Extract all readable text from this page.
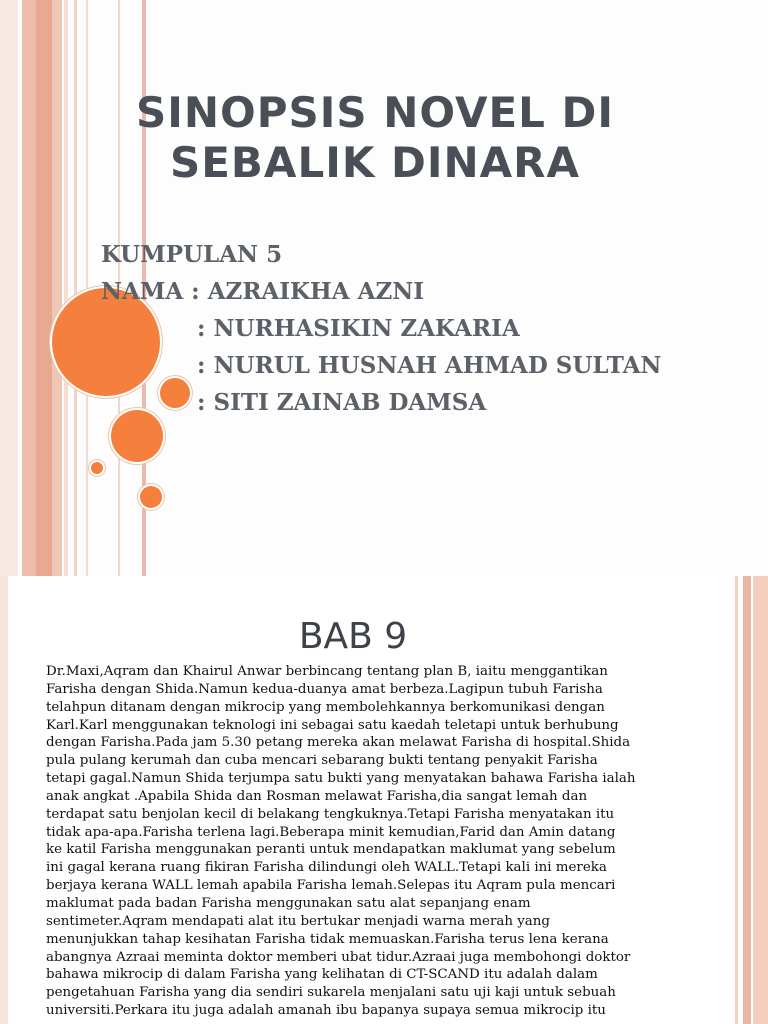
SINOPSIS NOVEL DI
SEBALIK DINARA
KUMPULAN 5
NAMA : AZRAIKHA AZNI
: NURHASIKIN ZAKARIA
: NURUL HUSNAH AHMAD SULTAN
: SITI ZAINAB DAMSA
BAB 9
Dr.Maxi,Aqram dan Khairul Anwar berbincang tentang plan B, iaitu menggantikan
Farisha dengan Shida.Namun kedua-duanya amat berbeza.Lagipun tubuh Farisha
telahpun ditanam dengan mikrocip yang membolehkannya berkomunikasi dengan
Karl.Karl menggunakan teknologi ini sebagai satu kaedah teletapi untuk berhubung
dengan Farisha.Pada jam 5.30 petang mereka akan melawat Farisha di hospital.Shida
pula pulang kerumah dan cuba mencari sebarang bukti tentang penyakit Farisha
tetapi gagal.Namun Shida terjumpa satu bukti yang menyatakan bahawa Farisha ialah
anak angkat .Apabila Shida dan Rosman melawat Farisha,dia sangat lemah dan
terdapat satu benjolan kecil di belakang tengkuknya.Tetapi Farisha menyatakan itu
tidak apa-apa.Farisha terlena lagi.Beberapa minit kemudian,Farid dan Amin datang
ke katil Farisha menggunakan peranti untuk mendapatkan maklumat yang sebelum
ini gagal kerana ruang fikiran Farisha dilindungi oleh WALL.Tetapi kali ini mereka
berjaya kerana WALL lemah apabila Farisha lemah.Selepas itu Aqram pula mencari
maklumat pada badan Farisha menggunakan satu alat sepanjang enam
sentimeter.Aqram mendapati alat itu bertukar menjadi warna merah yang
menunjukkan tahap kesihatan Farisha tidak memuaskan.Farisha terus lena kerana
abangnya Azraai meminta doktor memberi ubat tidur.Azraai juga membohongi doktor
bahawa mikrocip di dalam Farisha yang kelihatan di CT-SCAND itu adalah dalam
pengetahuan Farisha yang dia sendiri sukarela menjalani satu uji kaji untuk sebuah
universiti.Perkara itu juga adalah amanah ibu bapanya supaya semua mikrocip itu
